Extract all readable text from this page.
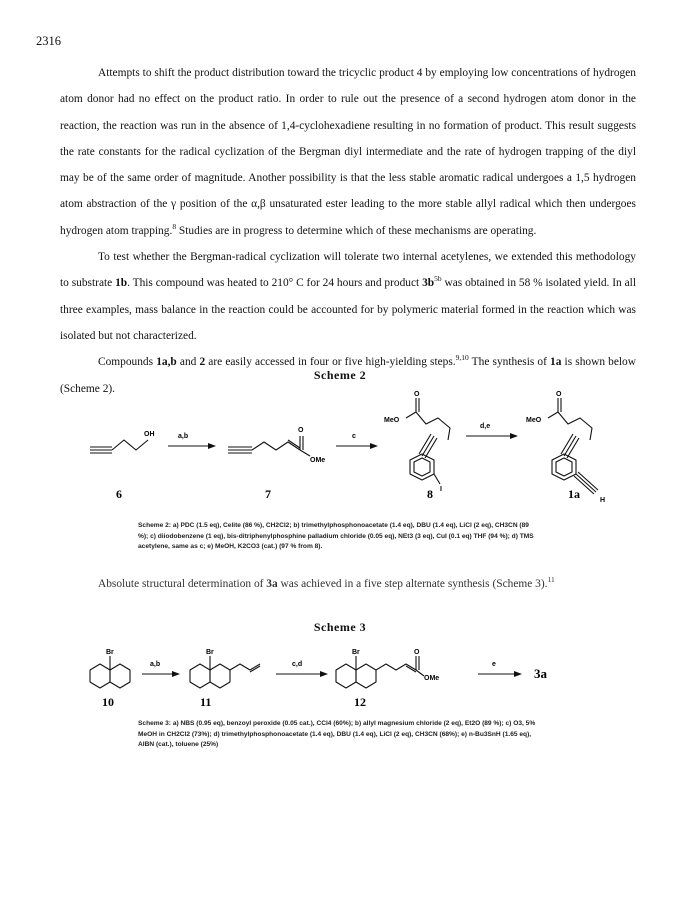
2316

Attempts to shift the product distribution toward the tricyclic product 4 by employing low concentrations of hydrogen atom donor had no effect on the product ratio. In order to rule out the presence of a second hydrogen atom donor in the reaction, the reaction was run in the absence of 1,4-cyclohexadiene resulting in no formation of product. This result suggests the rate constants for the radical cyclization of the Bergman diyl intermediate and the rate of hydrogen trapping of the diyl may be of the same order of magnitude. Another possibility is that the less stable aromatic radical undergoes a 1,5 hydrogen atom abstraction of the γ position of the α,β unsaturated ester leading to the more stable allyl radical which then undergoes hydrogen atom trapping.$^8$ Studies are in progress to determine which of these mechanisms are operating.

To test whether the Bergman-radical cyclization will tolerate two internal acetylenes, we extended this methodology to substrate 1b. This compound was heated to 210° C for 24 hours and product $3b^{5b}$ was obtained in 58 % isolated yield. In all three examples, mass balance in the reaction could be accounted for by polymeric material formed in the reaction which was isolated but not characterized.

Compounds 1a,b and 2 are easily accessed in four or five high-yielding steps.$^{9,10}$ The synthesis of 1a is shown below (Scheme 2).

Scheme 2
OH
6
a,b
O
OMe
7
c
MeO
O
I
8
d,e
MeO
O
H
1a
Scheme 2: a) PDC (1.5 eq), Celite (86 %), CH2Cl2; b) trimethylphosphonoacetate (1.4 eq), DBU (1.4 eq), LiCl (2 eq), CH3CN (89 %); c) diiodobenzene (1 eq), bis-ditriphenylphosphine palladium chloride (0.05 eq), NEt3 (3 eq), CuI (0.1 eq) THF (94 %); d) TMS acetylene, same as c; e) MeOH, K2CO3 (cat.) (97 % from 8).
Absolute structural determination of 3a was achieved in a five step alternate synthesis (Scheme 3).$^{11}$
Scheme 3
Br
10
a,b
Br
11
c,d
Br	O
OMe
12
e
3a
Scheme 3: a) NBS (0.95 eq), benzoyl peroxide (0.05 cat.), CCl4 (60%); b) allyl magnesium chloride (2 eq), Et2O (89 %); c) O3, 5% MeOH in CH2Cl2 (73%); d) trimethylphosphonoacetate (1.4 eq), DBU (1.4 eq), LiCl (2 eq), CH3CN (68%); e) n-Bu3SnH (1.65 eq), AIBN (cat.), toluene (25%)
